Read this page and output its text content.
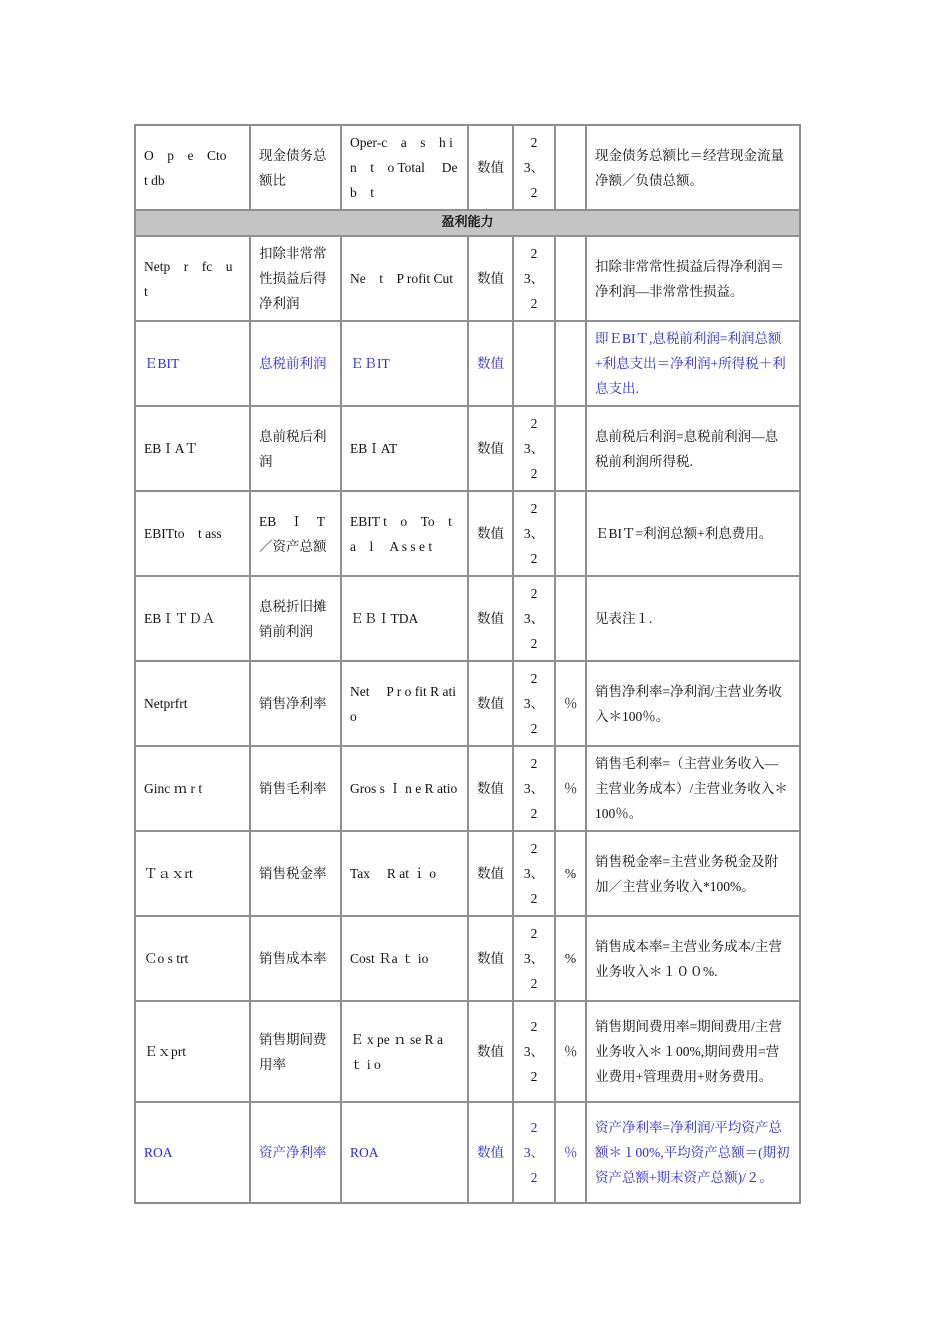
O　p　e　Cto　t db	现金债务总额比	Oper-c　a　s　h in　t　o Total　 Deb　t	数值	23、2		现金债务总额比＝经营现金流量净额／负债总额。
盈利能力						
Netp　r　fc　u　t	扣除非常常性损益后得净利润	Ne　t　P rofit Cut	数值	23、2		扣除非常常性损益后得净利润＝净利润—非常常性损益。
ＥBIT	息税前利润	ＥＢIT	数值			即ＥBIＴ,息税前利润=利润总额+利息支出＝净利润+所得税＋利息支出.
EBＩAＴ	息前税后利润	EBＩAT	数值	23、2		息前税后利润=息税前利润—息税前利润所得税.
EBITto　t ass	EB　Ｉ　T　／资产总额	EBIT t　o　To　t　a　l　 A s s e t	数值	23、2		ＥBIＴ=利润总额+利息费用。
EBＩＴＤＡ	息税折旧摊销前利润	ＥＢＩTDA	数值	23、2		见表注１.
Netprfrt	销售净利率	Net　 P r o fit R atio	数值	23、2	％	销售净利率=净利润/主营业务收入＊100％。
Ginc ｍ r t	销售毛利率	Gros s Ｉ n e R atio	数值	23、2	％	销售毛利率=（主营业务收入—主营业务成本）/主营业务收入＊100％。
Ｔａｘrt	销售税金率	Tax　 R at ｉ o	数值	23、2	%	销售税金率=主营业务税金及附加／主营业务收入*100%。
Ｃo s trt	销售成本率	Cost Ｒa ｔ io	数值	23、2	%	销售成本率=主营业务成本/主营业务收入＊１００%.
Ｅｘprt	销售期间费用率	Ｅ x pe ｎ se R a ｔ i o	数值	23、2	％	销售期间费用率=期间费用/主营业务收入＊１00%,期间费用=营业费用+管理费用+财务费用。
ROA	资产净利率	ROA	数值	23、2	％	资产净利率=净利润/平均资产总额＊１00%,平均资产总额＝(期初资产总额+期末资产总额)/２。
